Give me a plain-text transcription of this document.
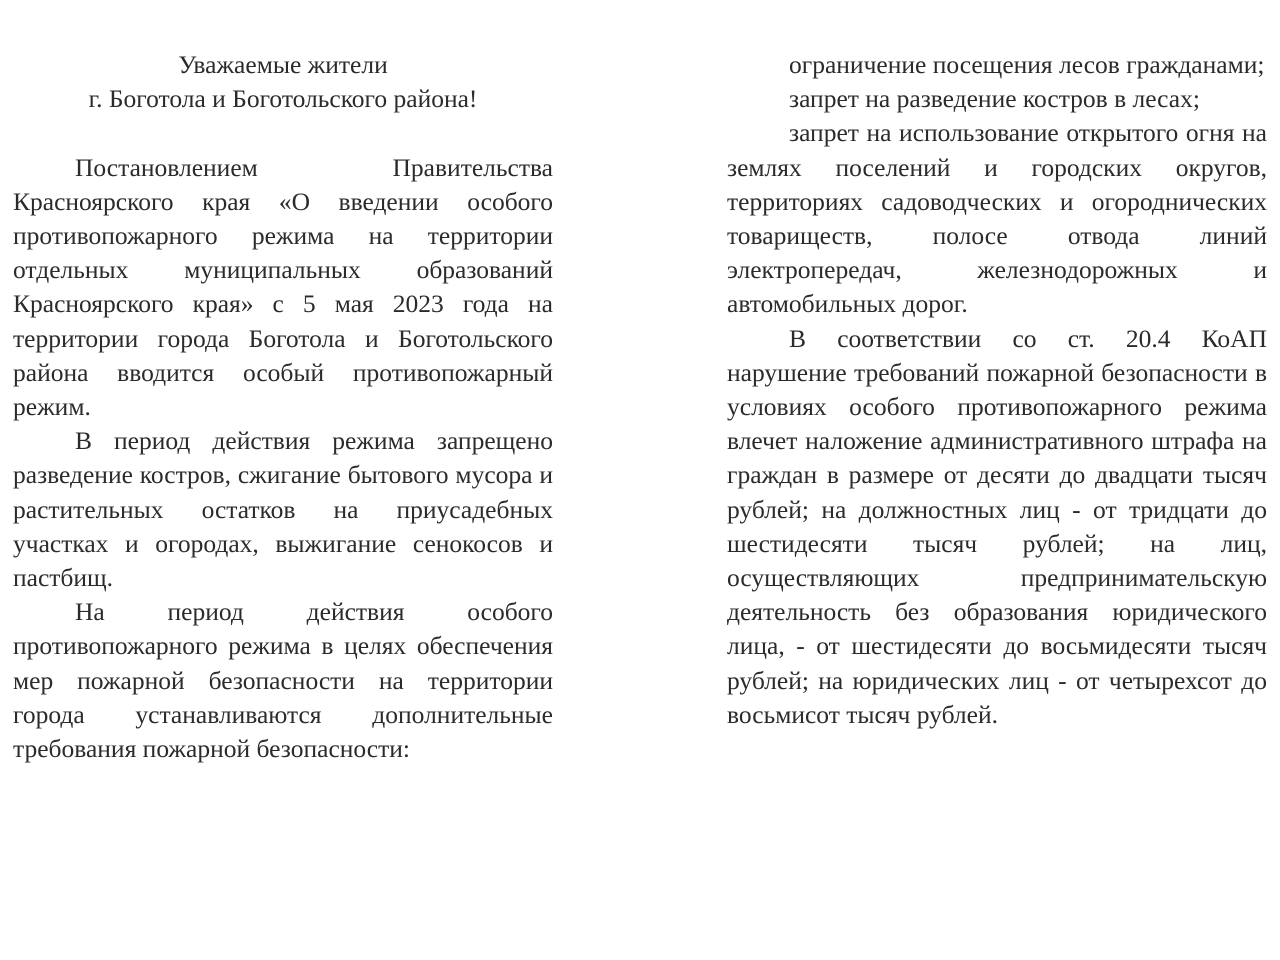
Уважаемые жители
г. Боготола и Боготольского района!

Постановлением Правительства Красноярского края «О введении особого противопожарного режима на территории отдельных муниципальных образований Красноярского края» с 5 мая 2023 года на территории города Боготола и Боготольского района вводится особый противопожарный режим.

В период действия режима запрещено разведение костров, сжигание бытового мусора и растительных остатков на приусадебных участках и огородах, выжигание сенокосов и пастбищ.

На период действия особого противопожарного режима в целях обеспечения мер пожарной безопасности на территории города устанавливаются дополнительные требования пожарной безопасности:

ограничение посещения лесов гражданами;

запрет на разведение костров в лесах;

запрет на использование открытого огня на землях поселений и городских округов, территориях садоводческих и огороднических товариществ, полосе отвода линий электропередач, железнодорожных и автомобильных дорог.

В соответствии со ст. 20.4 КоАП нарушение требований пожарной безопасности в условиях особого противопожарного режима влечет наложение административного штрафа на граждан в размере от десяти до двадцати тысяч рублей; на должностных лиц - от тридцати до шестидесяти тысяч рублей; на лиц, осуществляющих предпринимательскую деятельность без образования юридического лица, - от шестидесяти до восьмидесяти тысяч рублей; на юридических лиц - от четырехсот до восьмисот тысяч рублей.
